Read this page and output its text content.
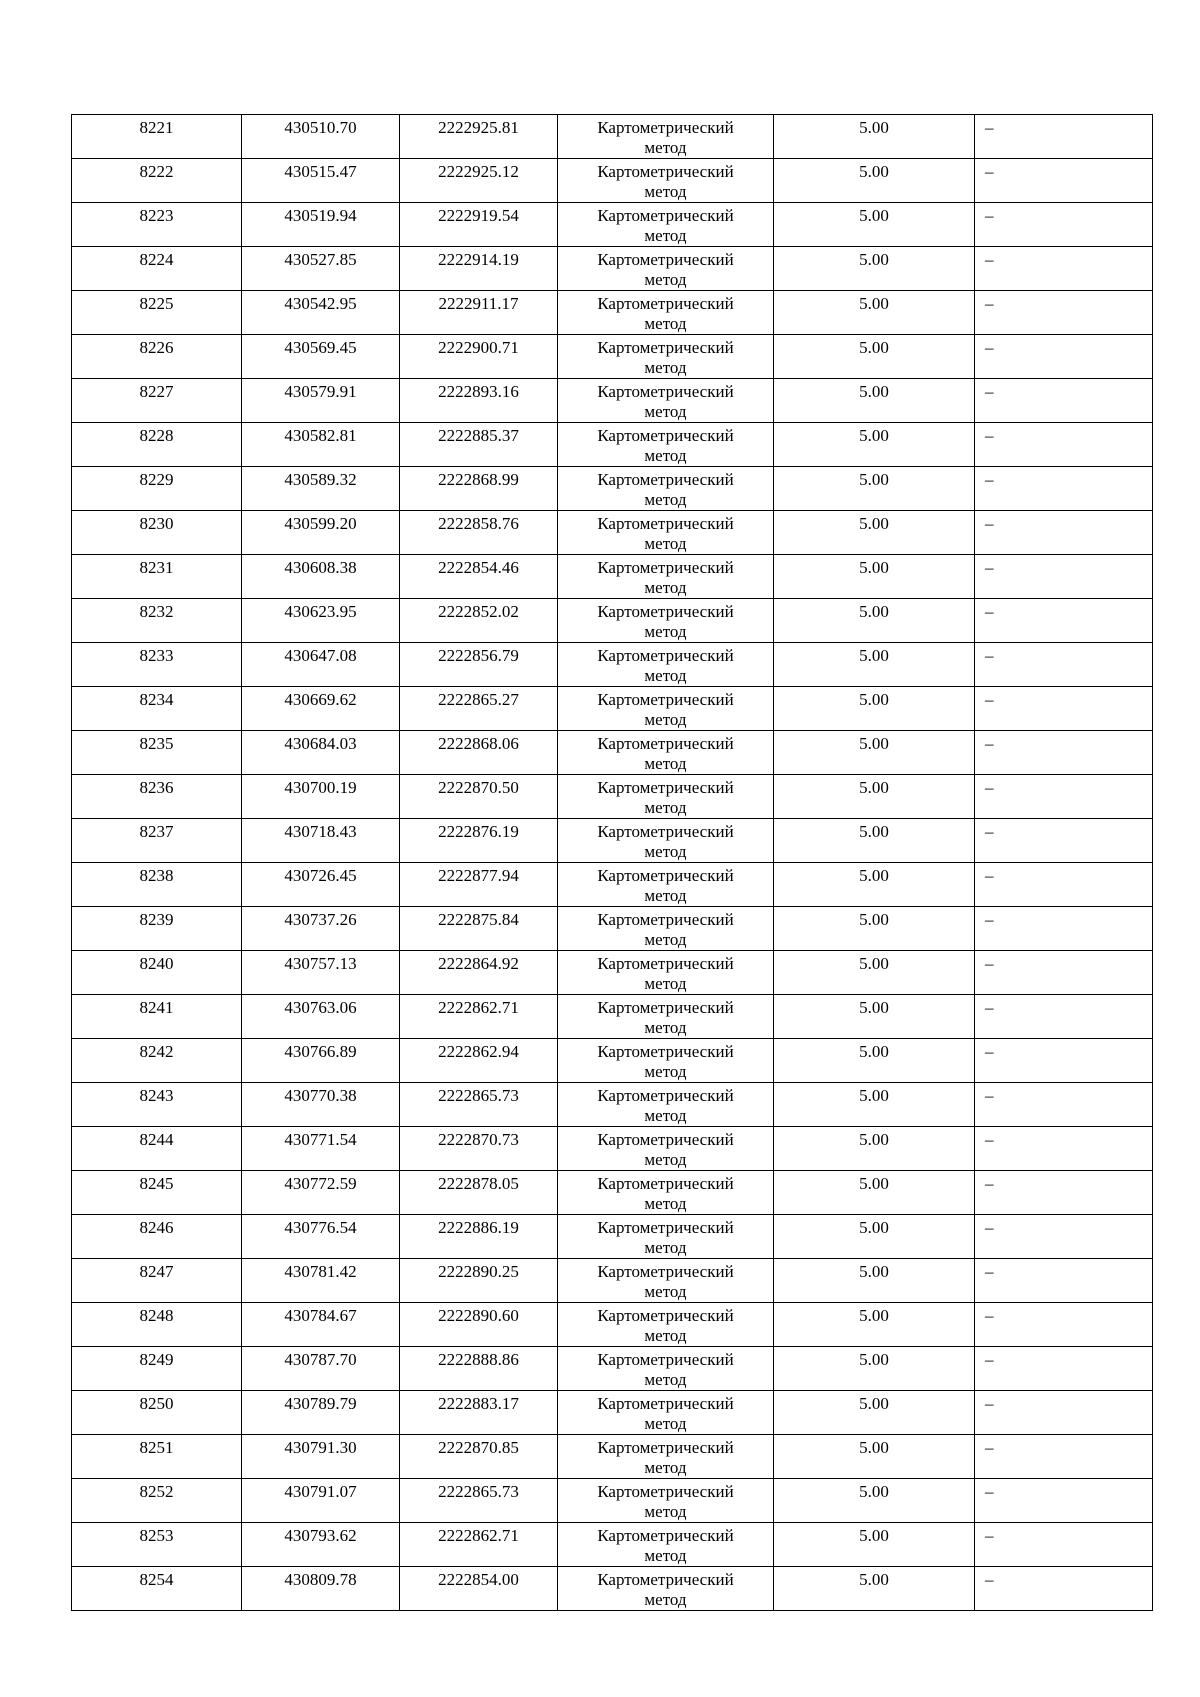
8221	430510.70	2222925.81	Картометрический
метод	5.00	–

8222	430515.47	2222925.12	Картометрический
метод	5.00	–

8223	430519.94	2222919.54	Картометрический
метод	5.00	–

8224	430527.85	2222914.19	Картометрический
метод	5.00	–

8225	430542.95	2222911.17	Картометрический
метод	5.00	–

8226	430569.45	2222900.71	Картометрический
метод	5.00	–

8227	430579.91	2222893.16	Картометрический
метод	5.00	–

8228	430582.81	2222885.37	Картометрический
метод	5.00	–

8229	430589.32	2222868.99	Картометрический
метод	5.00	–

8230	430599.20	2222858.76	Картометрический
метод	5.00	–

8231	430608.38	2222854.46	Картометрический
метод	5.00	–

8232	430623.95	2222852.02	Картометрический
метод	5.00	–

8233	430647.08	2222856.79	Картометрический
метод	5.00	–

8234	430669.62	2222865.27	Картометрический
метод	5.00	–

8235	430684.03	2222868.06	Картометрический
метод	5.00	–

8236	430700.19	2222870.50	Картометрический
метод	5.00	–

8237	430718.43	2222876.19	Картометрический
метод	5.00	–

8238	430726.45	2222877.94	Картометрический
метод	5.00	–

8239	430737.26	2222875.84	Картометрический
метод	5.00	–

8240	430757.13	2222864.92	Картометрический
метод	5.00	–

8241	430763.06	2222862.71	Картометрический
метод	5.00	–

8242	430766.89	2222862.94	Картометрический
метод	5.00	–

8243	430770.38	2222865.73	Картометрический
метод	5.00	–

8244	430771.54	2222870.73	Картометрический
метод	5.00	–

8245	430772.59	2222878.05	Картометрический
метод	5.00	–

8246	430776.54	2222886.19	Картометрический
метод	5.00	–

8247	430781.42	2222890.25	Картометрический
метод	5.00	–

8248	430784.67	2222890.60	Картометрический
метод	5.00	–

8249	430787.70	2222888.86	Картометрический
метод	5.00	–

8250	430789.79	2222883.17	Картометрический
метод	5.00	–

8251	430791.30	2222870.85	Картометрический
метод	5.00	–

8252	430791.07	2222865.73	Картометрический
метод	5.00	–

8253	430793.62	2222862.71	Картометрический
метод	5.00	–

8254	430809.78	2222854.00	Картометрический
метод	5.00	–
